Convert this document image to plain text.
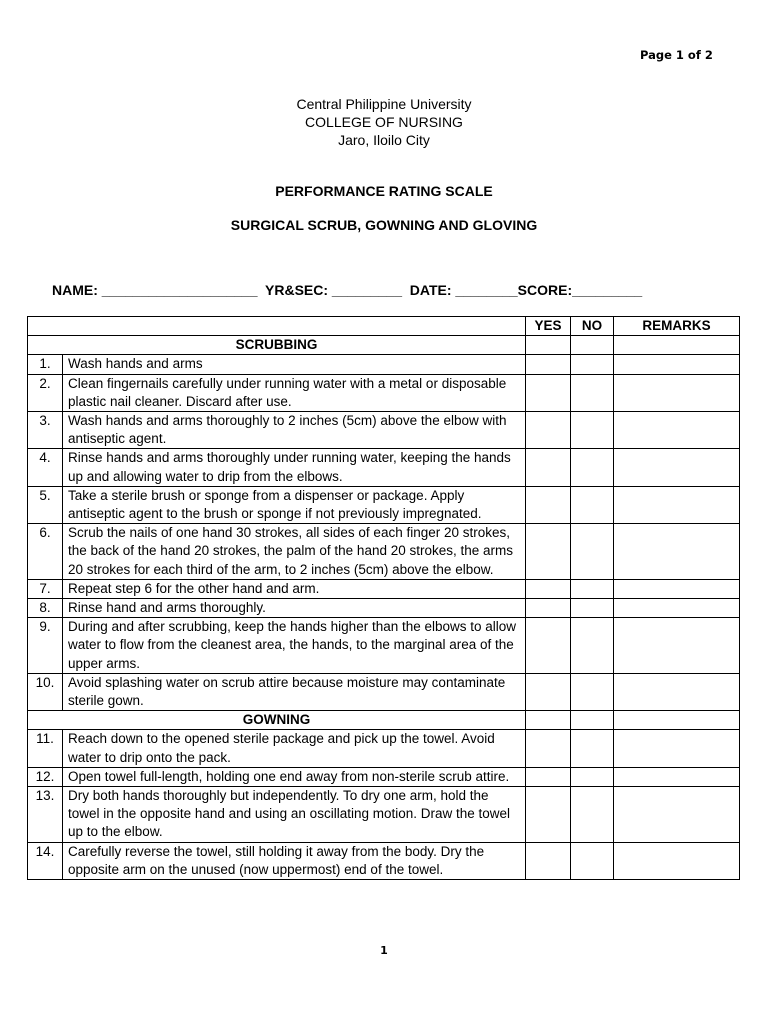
Page 1 of 2
Central Philippine University
COLLEGE OF NURSING
Jaro, Iloilo City
PERFORMANCE RATING SCALE
SURGICAL SCRUB, GOWNING AND GLOVING
NAME: ____________________  YR&SEC: _________  DATE: ________SCORE:_________
		YES	NO	REMARKS
SCRUBBING				
1.	Wash hands and arms			
2.	Clean fingernails carefully under running water with a metal or disposable plastic nail cleaner. Discard after use.			
3.	Wash hands and arms thoroughly to 2 inches (5cm) above the elbow with antiseptic agent.			
4.	Rinse hands and arms thoroughly under running water, keeping the hands up and allowing water to drip from the elbows.			
5.	Take a sterile brush or sponge from a dispenser or package. Apply antiseptic agent to the brush or sponge if not previously impregnated.			
6.	Scrub the nails of one hand 30 strokes, all sides of each finger 20 strokes, the back of the hand 20 strokes, the palm of the hand 20 strokes, the arms 20 strokes for each third of the arm, to 2 inches (5cm) above the elbow.			
7.	Repeat step 6 for the other hand and arm.			
8.	Rinse hand and arms thoroughly.			
9.	During and after scrubbing, keep the hands higher than the elbows to allow water to flow from the cleanest area, the hands, to the marginal area of the upper arms.			
10.	Avoid splashing water on scrub attire because moisture may contaminate sterile gown.			
GOWNING				
11.	Reach down to the opened sterile package and pick up the towel. Avoid water to drip onto the pack.			
12.	Open towel full-length, holding one end away from non-sterile scrub attire.			
13.	Dry both hands thoroughly but independently. To dry one arm, hold the towel in the opposite hand and using an oscillating motion. Draw the towel up to the elbow.			
14.	Carefully reverse the towel, still holding it away from the body. Dry the opposite arm on the unused (now uppermost) end of the towel.			
1
